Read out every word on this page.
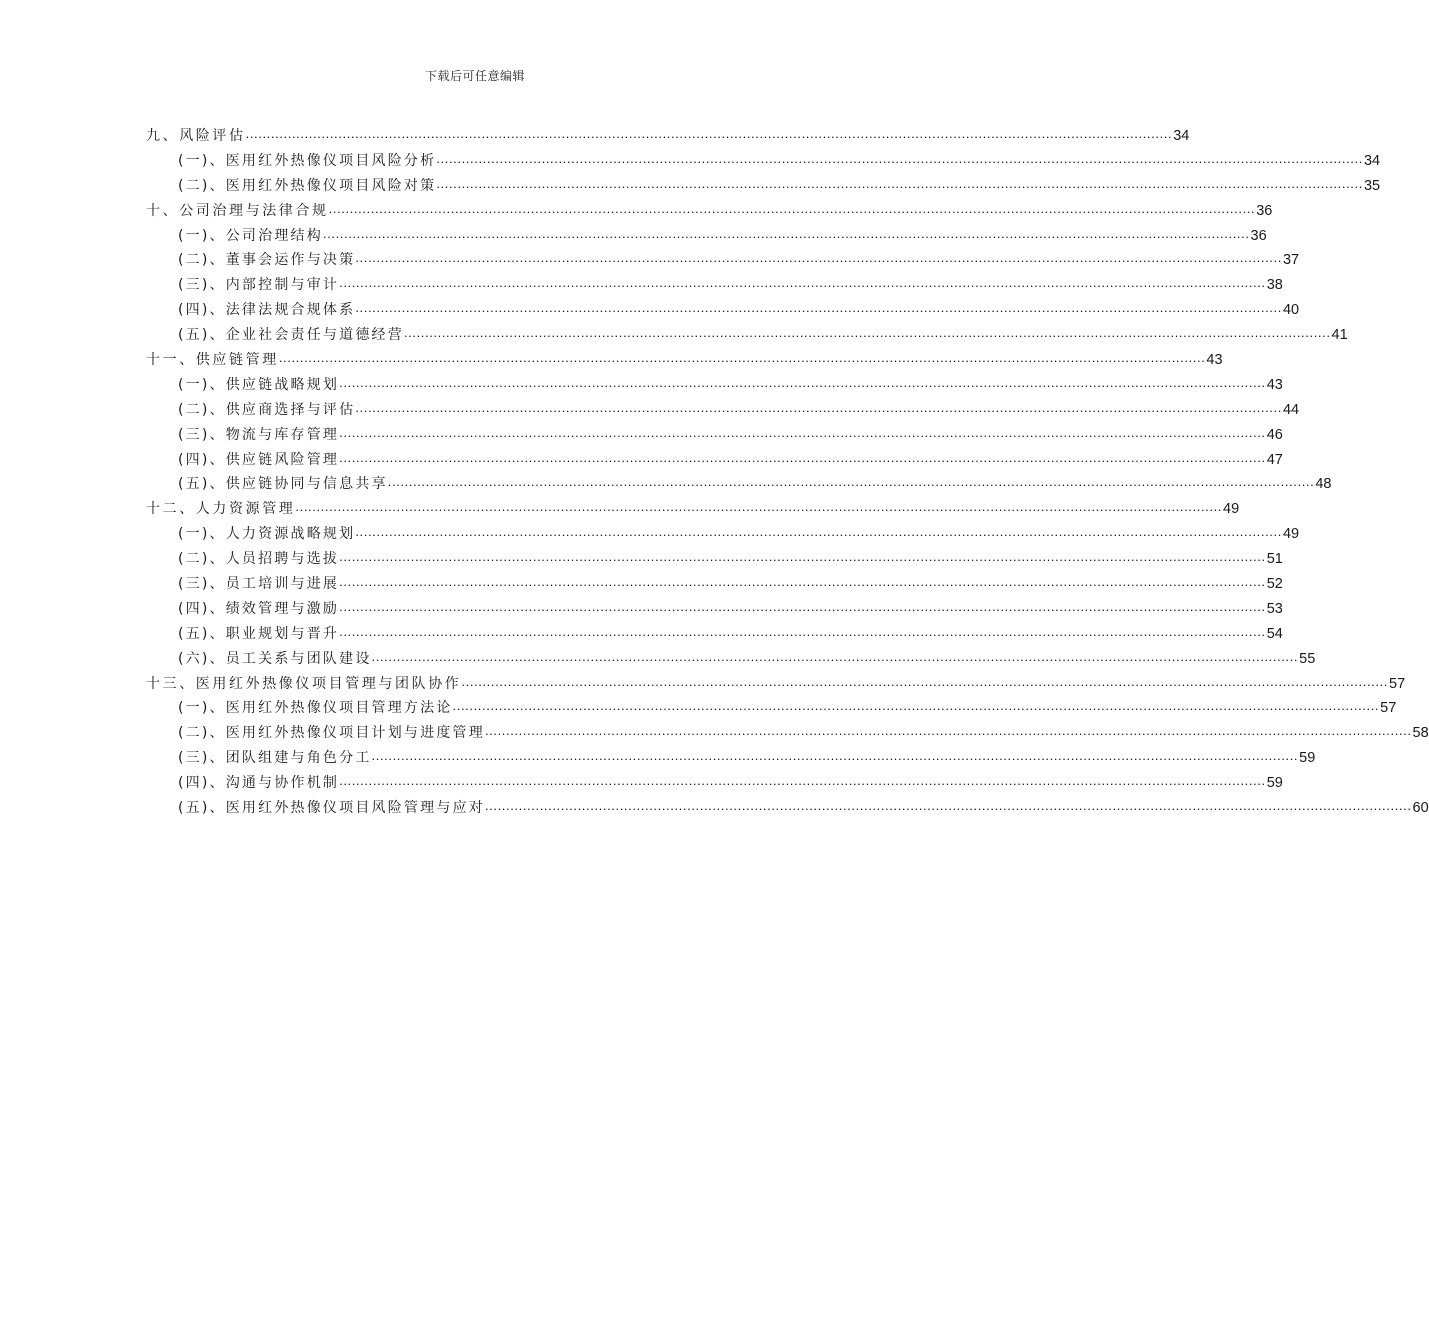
下载后可任意编辑
九、风险评估 ............................................................................................................................................................................................................................ 34
(一)、医用红外热像仪项目风险分析 ............................................................................................................................................................................................................................ 34
(二)、医用红外热像仪项目风险对策 ............................................................................................................................................................................................................................ 35
十、公司治理与法律合规 ............................................................................................................................................................................................................................ 36
(一)、公司治理结构 ............................................................................................................................................................................................................................ 36
(二)、董事会运作与决策 ............................................................................................................................................................................................................................ 37
(三)、内部控制与审计 ............................................................................................................................................................................................................................ 38
(四)、法律法规合规体系 ............................................................................................................................................................................................................................ 40
(五)、企业社会责任与道德经营 ............................................................................................................................................................................................................................ 41
十一、供应链管理 ............................................................................................................................................................................................................................ 43
(一)、供应链战略规划 ............................................................................................................................................................................................................................ 43
(二)、供应商选择与评估 ............................................................................................................................................................................................................................ 44
(三)、物流与库存管理 ............................................................................................................................................................................................................................ 46
(四)、供应链风险管理 ............................................................................................................................................................................................................................ 47
(五)、供应链协同与信息共享 ............................................................................................................................................................................................................................ 48
十二、人力资源管理 ............................................................................................................................................................................................................................ 49
(一)、人力资源战略规划 ............................................................................................................................................................................................................................ 49
(二)、人员招聘与选拔 ............................................................................................................................................................................................................................ 51
(三)、员工培训与进展 ............................................................................................................................................................................................................................ 52
(四)、绩效管理与激励 ............................................................................................................................................................................................................................ 53
(五)、职业规划与晋升 ............................................................................................................................................................................................................................ 54
(六)、员工关系与团队建设 ............................................................................................................................................................................................................................ 55
十三、医用红外热像仪项目管理与团队协作 ............................................................................................................................................................................................................................ 57
(一)、医用红外热像仪项目管理方法论 ............................................................................................................................................................................................................................ 57
(二)、医用红外热像仪项目计划与进度管理 ............................................................................................................................................................................................................................ 58
(三)、团队组建与角色分工 ............................................................................................................................................................................................................................ 59
(四)、沟通与协作机制 ............................................................................................................................................................................................................................ 59
(五)、医用红外热像仪项目风险管理与应对 ............................................................................................................................................................................................................................ 60
